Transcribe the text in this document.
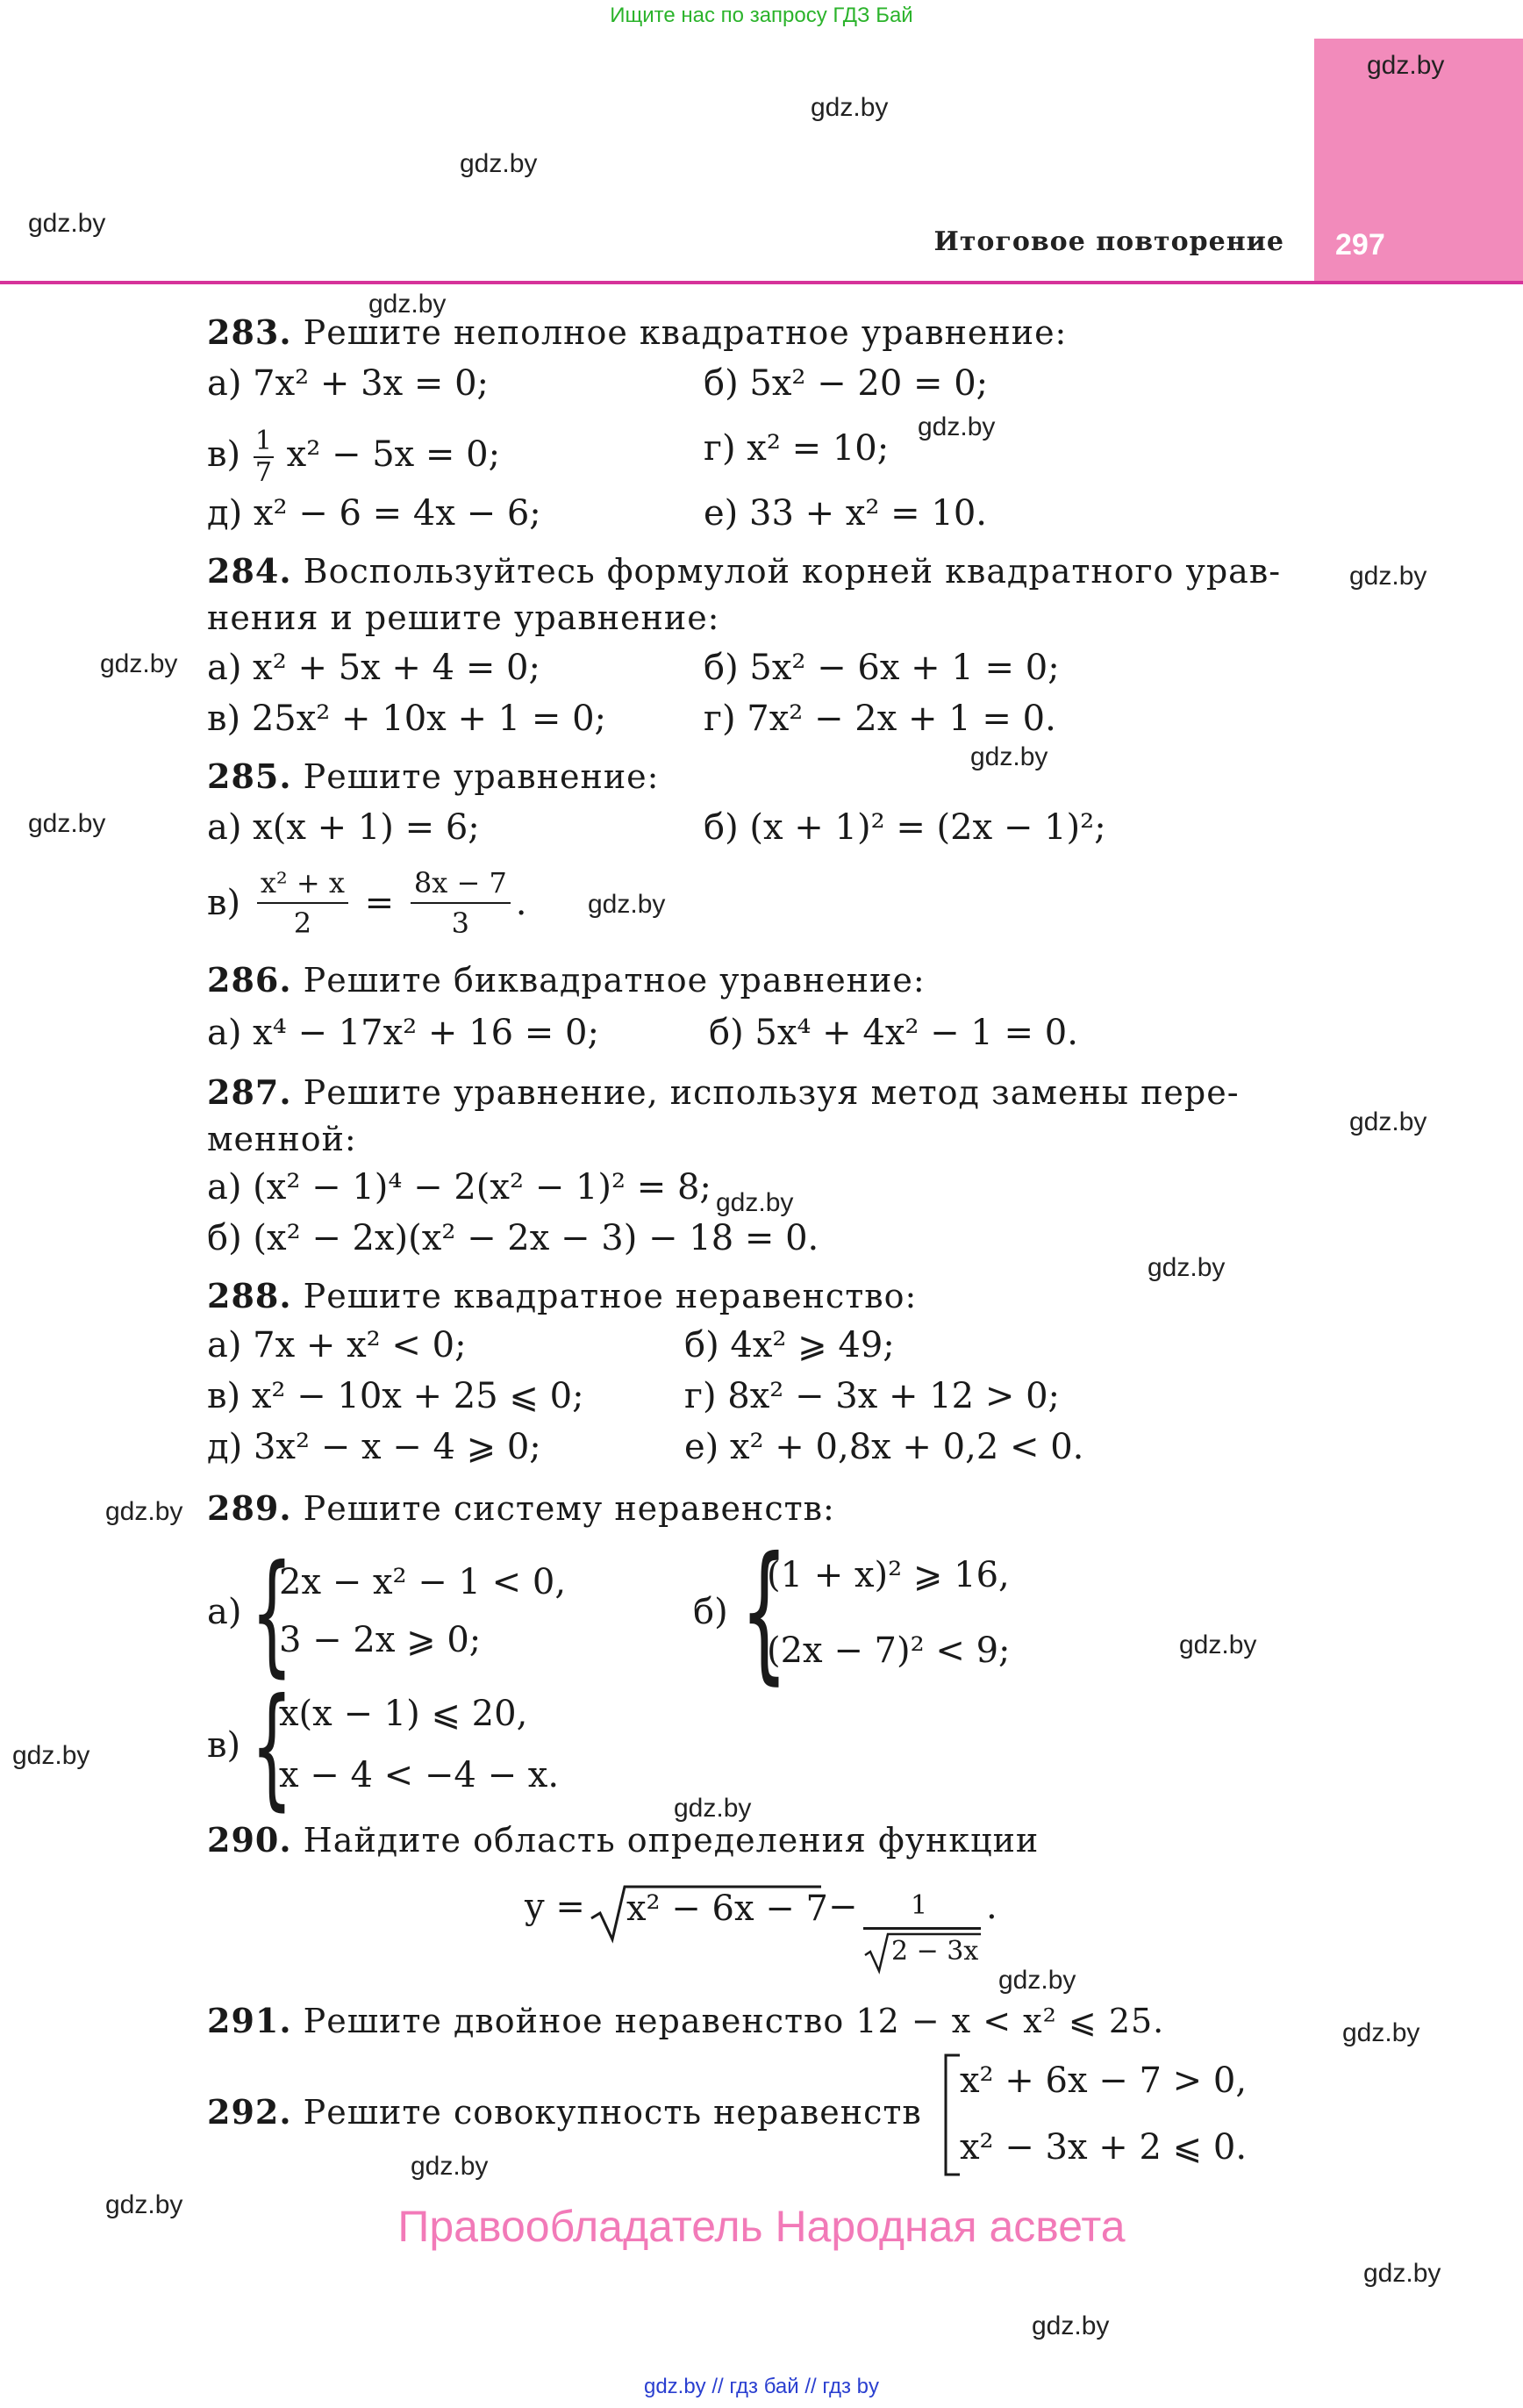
Ищите нас по запросу ГДЗ Бай
297
Итоговое повторение
gdz.by
gdz.by
gdz.by
gdz.by
gdz.by
gdz.by
gdz.by
gdz.by
gdz.by
gdz.by
gdz.by
gdz.by
gdz.by
gdz.by
gdz.by
gdz.by
gdz.by
gdz.by
gdz.by
gdz.by
gdz.by
gdz.by
gdz.by
gdz.by
283. Решите неполное квадратное уравнение:
а) 7x² + 3x = 0;	б) 5x² − 20 = 0;
$в) \frac{1}{7} x^2 - 5x = 0$;	г) x² = 10;
д) x² − 6 = 4x − 6;	е) 33 + x² = 10.
284. Воспользуйтесь формулой корней квадратного урав-
нения и решите уравнение:
а) x² + 5x + 4 = 0;	б) 5x² − 6x + 1 = 0;
в) 25x² + 10x + 1 = 0;	г) 7x² − 2x + 1 = 0.
285. Решите уравнение:
а) x(x + 1) = 6;	б) (x + 1)² = (2x − 1)²;
$в) \frac{\text{x² + x}}{2} = \frac{8x - 7}{3}$ .
286. Решите биквадратное уравнение:
а) x⁴ − 17x² + 16 = 0;	б) 5x⁴ + 4x² − 1 = 0.
287. Решите уравнение, используя метод замены пере-
менной:
а) (x² − 1)⁴ − 2(x² − 1)² = 8;
б) (x² − 2x)(x² − 2x − 3) − 18 = 0.
288. Решите квадратное неравенство:
а) 7x + x² < 0;	б) 4x² ⩾ 49;
в) x² − 10x + 25 ⩽ 0;	г) 8x² − 3x + 12 > 0;
д) 3x² − x − 4 ⩾ 0;	е) x² + 0,8x + 0,2 < 0.
289. Решите систему неравенств:
а) {
2x − x² − 1 < 0,
3 − 2x ⩾ 0;
б) {
(1 + x)² ⩾ 16,
(2x − 7)² < 9;
в) {
x(x − 1) ⩽ 20,
x − 4 < −4 − x.
290. Найдите область определения функции
y = x² − 6x − 7 − 1
2 − 3x
.
291. Решите двойное неравенство 12 − x < x² ⩽ 25.
292. Решите совокупность неравенств
x² + 6x − 7 > 0,
x² − 3x + 2 ⩽ 0.
Правообладатель Народная асвета
gdz.by // гдз бай // гдз by
